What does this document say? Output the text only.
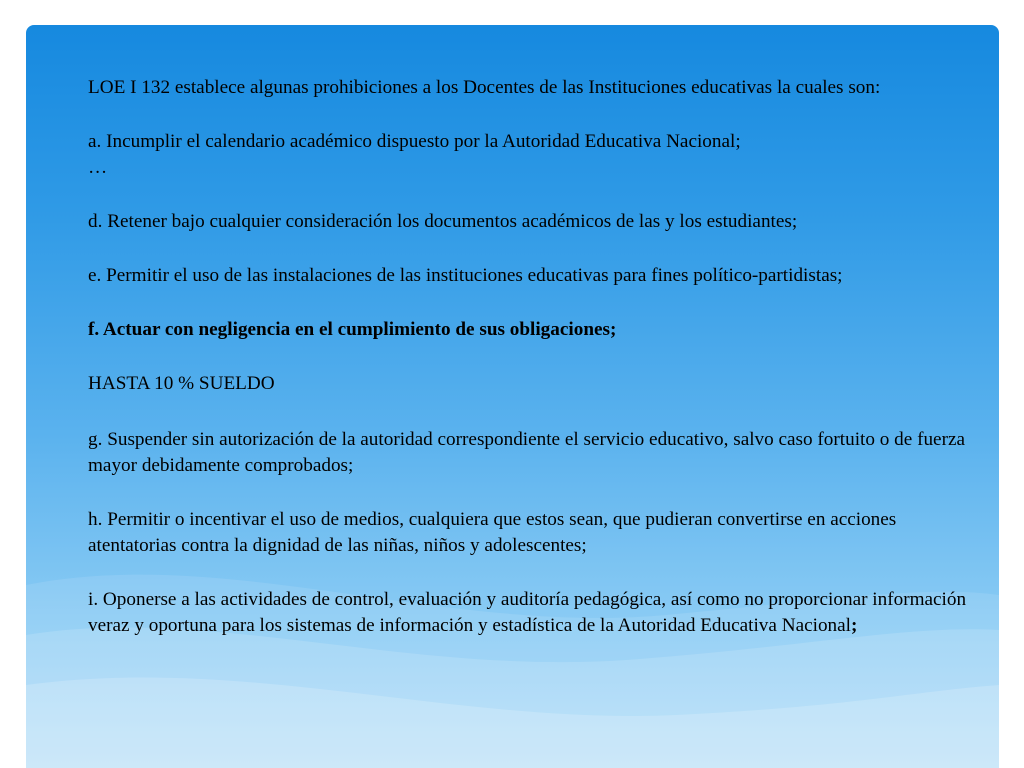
LOE I 132 establece algunas prohibiciones a los Docentes de las Instituciones educativas la cuales son:

a. Incumplir el calendario académico dispuesto por la Autoridad Educativa Nacional;

…

d. Retener bajo cualquier consideración los documentos académicos de las y los estudiantes;

e. Permitir el uso de las instalaciones de las instituciones educativas para fines político-partidistas;

f. Actuar con negligencia en el cumplimiento de sus obligaciones;

HASTA 10 % SUELDO

g. Suspender sin autorización de la autoridad correspondiente el servicio educativo, salvo caso fortuito o de fuerza mayor debidamente comprobados;

h. Permitir o incentivar el uso de medios, cualquiera que estos sean, que pudieran convertirse en acciones atentatorias contra la dignidad de las niñas, niños y adolescentes;

i. Oponerse a las actividades de control, evaluación y auditoría pedagógica, así como no proporcionar información veraz y oportuna para los sistemas de información y estadística de la Autoridad Educativa Nacional;
